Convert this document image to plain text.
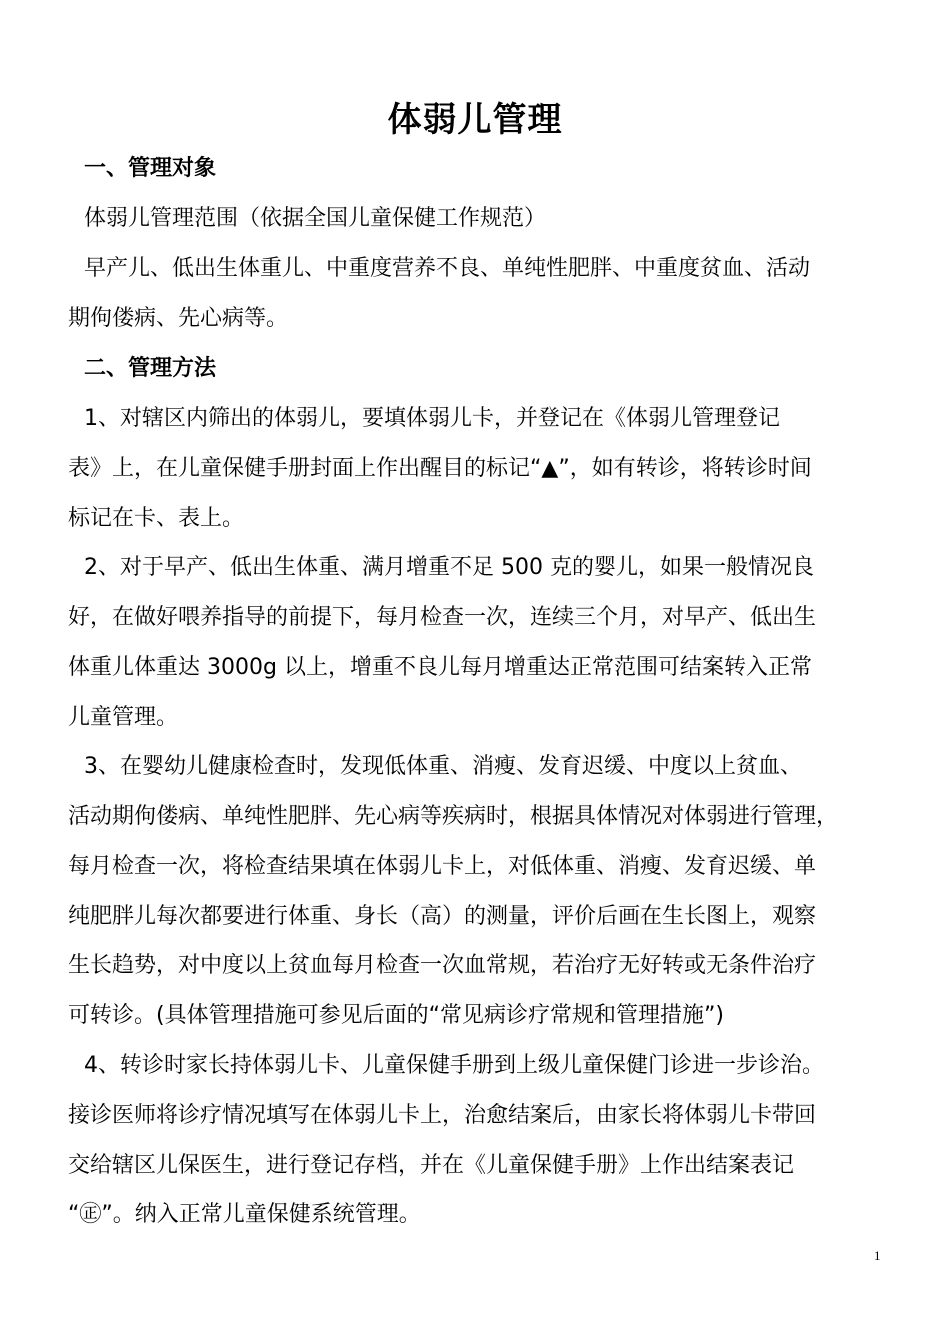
体弱儿管理
一、管理对象
体弱儿管理范围（依据全国儿童保健工作规范）
早产儿、低出生体重儿、中重度营养不良、单纯性肥胖、中重度贫血、活动
期佝偻病、先心病等。
二、管理方法
1、对辖区内筛出的体弱儿，要填体弱儿卡，并登记在《体弱儿管理登记
表》上，在儿童保健手册封面上作出醒目的标记“▲”，如有转诊，将转诊时间
标记在卡、表上。
2、对于早产、低出生体重、满月增重不足 500 克的婴儿，如果一般情况良
好，在做好喂养指导的前提下，每月检查一次，连续三个月，对早产、低出生
体重儿体重达 3000g 以上，增重不良儿每月增重达正常范围可结案转入正常
儿童管理。
3、在婴幼儿健康检查时，发现低体重、消瘦、发育迟缓、中度以上贫血、
活动期佝偻病、单纯性肥胖、先心病等疾病时，根据具体情况对体弱进行管理，
每月检查一次，将检查结果填在体弱儿卡上，对低体重、消瘦、发育迟缓、单
纯肥胖儿每次都要进行体重、身长（高）的测量，评价后画在生长图上，观察
生长趋势，对中度以上贫血每月检查一次血常规，若治疗无好转或无条件治疗
可转诊。(具体管理措施可参见后面的“常见病诊疗常规和管理措施”)
4、转诊时家长持体弱儿卡、儿童保健手册到上级儿童保健门诊进一步诊治。
接诊医师将诊疗情况填写在体弱儿卡上，治愈结案后，由家长将体弱儿卡带回
交给辖区儿保医生，进行登记存档，并在《儿童保健手册》上作出结案表记
“㊣”。纳入正常儿童保健系统管理。
1
